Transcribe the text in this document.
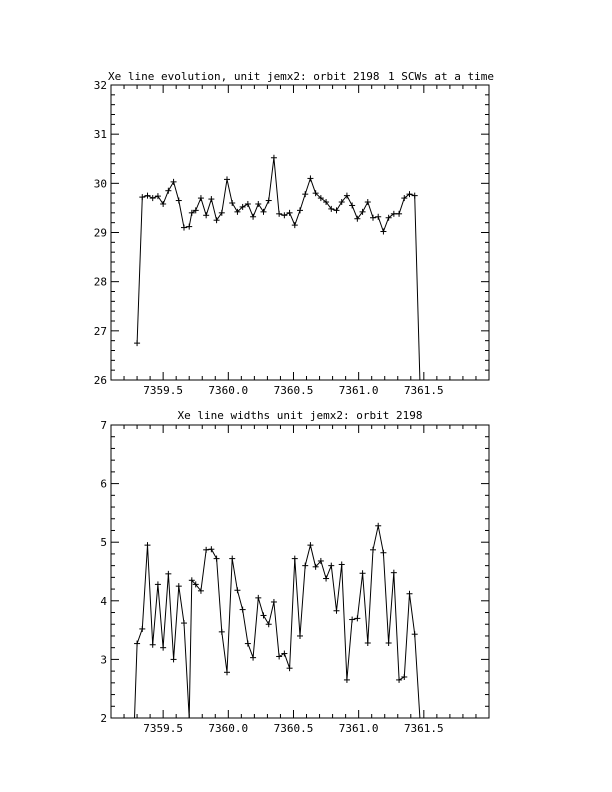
Xe line evolution, unit jemx2: orbit 2198 1 SCWs at a time
7359.5 7360.0 7360.5 7361.0 7361.5
26
27
28
29
30
31
32
Xe line widths unit jemx2: orbit 2198
7359.5 7360.0 7360.5 7361.0 7361.5
2
3
4
5
6
7
